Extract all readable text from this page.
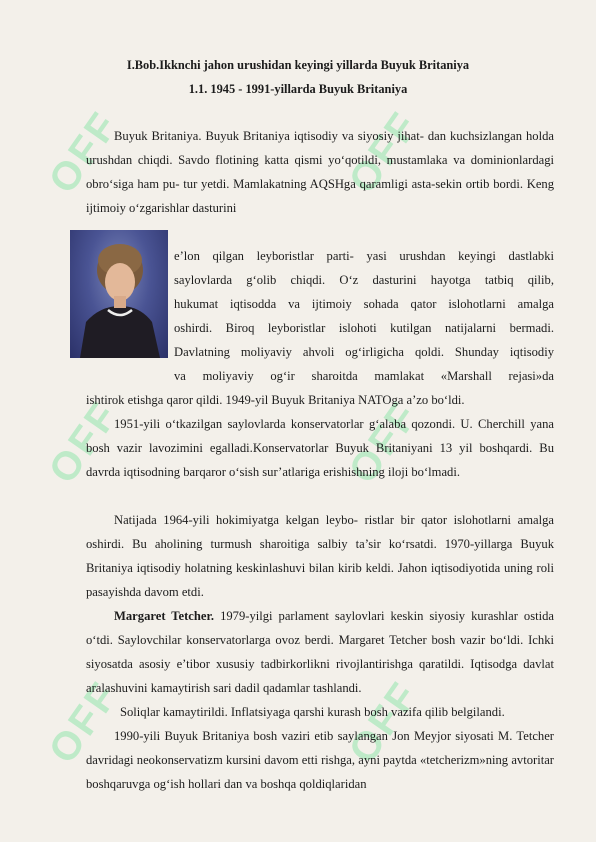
OFF	OFF
OFF	OFF
OFF	OFF
I.Bob.Ikknchi jahon urushidan keyingi yillarda Buyuk Britaniya
1.1. 1945 - 1991-yillarda Buyuk Britaniya

Buyuk Britaniya. Buyuk Britaniya iqtisodiy va siyosiy jihat- dan kuchsizlangan holda urushdan chiqdi. Savdo flotining katta qismi yo‘qotildi, mustamlaka va dominionlardagi obro‘siga ham pu- tur yetdi. Mamlakatning AQSHga qaramligi asta-sekin ortib bordi. Keng ijtimoiy o‘zgarishlar dasturini

e’lon qilgan leyboristlar parti- yasi urushdan keyingi dastlabki
saylovlarda g‘olib chiqdi. O‘z dasturini hayotga tatbiq qilib,
hukumat iqtisodda va ijtimoiy sohada qator islohotlarni amalga
oshirdi. Biroq leyboristlar islohoti kutilgan natijalarni bermadi.
Davlatning moliyaviy ahvoli og‘irligicha qoldi. Shunday iqtisodiy
va moliyaviy og‘ir sharoitda mamlakat «Marshall rejasi»da
ishtirok etishga qaror qildi. 1949-yil Buyuk Britaniya NATOga a’zo bo‘ldi.

1951-yili o‘tkazilgan saylovlarda konservatorlar g‘alaba qozondi. U. Cherchill yana bosh vazir lavozimini egalladi.Konservatorlar Buyuk Britaniyani 13 yil boshqardi. Bu davrda iqtisodning barqaror o‘sish sur’atlariga erishishning iloji bo‘lmadi.

Natijada 1964-yili hokimiyatga kelgan leybo- ristlar bir qator islohotlarni amalga oshirdi. Bu aholining turmush sharoitiga salbiy ta’sir ko‘rsatdi. 1970-yillarga Buyuk Britaniya iqtisodiy holatning keskinlashuvi bilan kirib keldi. Jahon iqtisodiyotida uning roli pasayishda davom etdi.

Margaret Tetcher. 1979-yilgi parlament saylovlari keskin siyosiy kurashlar ostida o‘tdi. Saylovchilar konservatorlarga ovoz berdi. Margaret Tetcher bosh vazir bo‘ldi. Ichki siyosatda asosiy e’tibor xususiy tadbirkorlikni rivojlantirishga qaratildi. Iqtisodga davlat aralashuvini kamaytirish sari dadil qadamlar tashlandi.

Soliqlar kamaytirildi. Inflatsiyaga qarshi kurash bosh vazifa qilib belgilandi.

1990-yili Buyuk Britaniya bosh vaziri etib saylangan Jon Meyjor siyosati M. Tetcher davridagi neokonservatizm kursini davom etti rishga, ayni paytda «tetcherizm»ning avtoritar boshqaruvga og‘ish hollari dan va boshqa qoldiqlaridan
